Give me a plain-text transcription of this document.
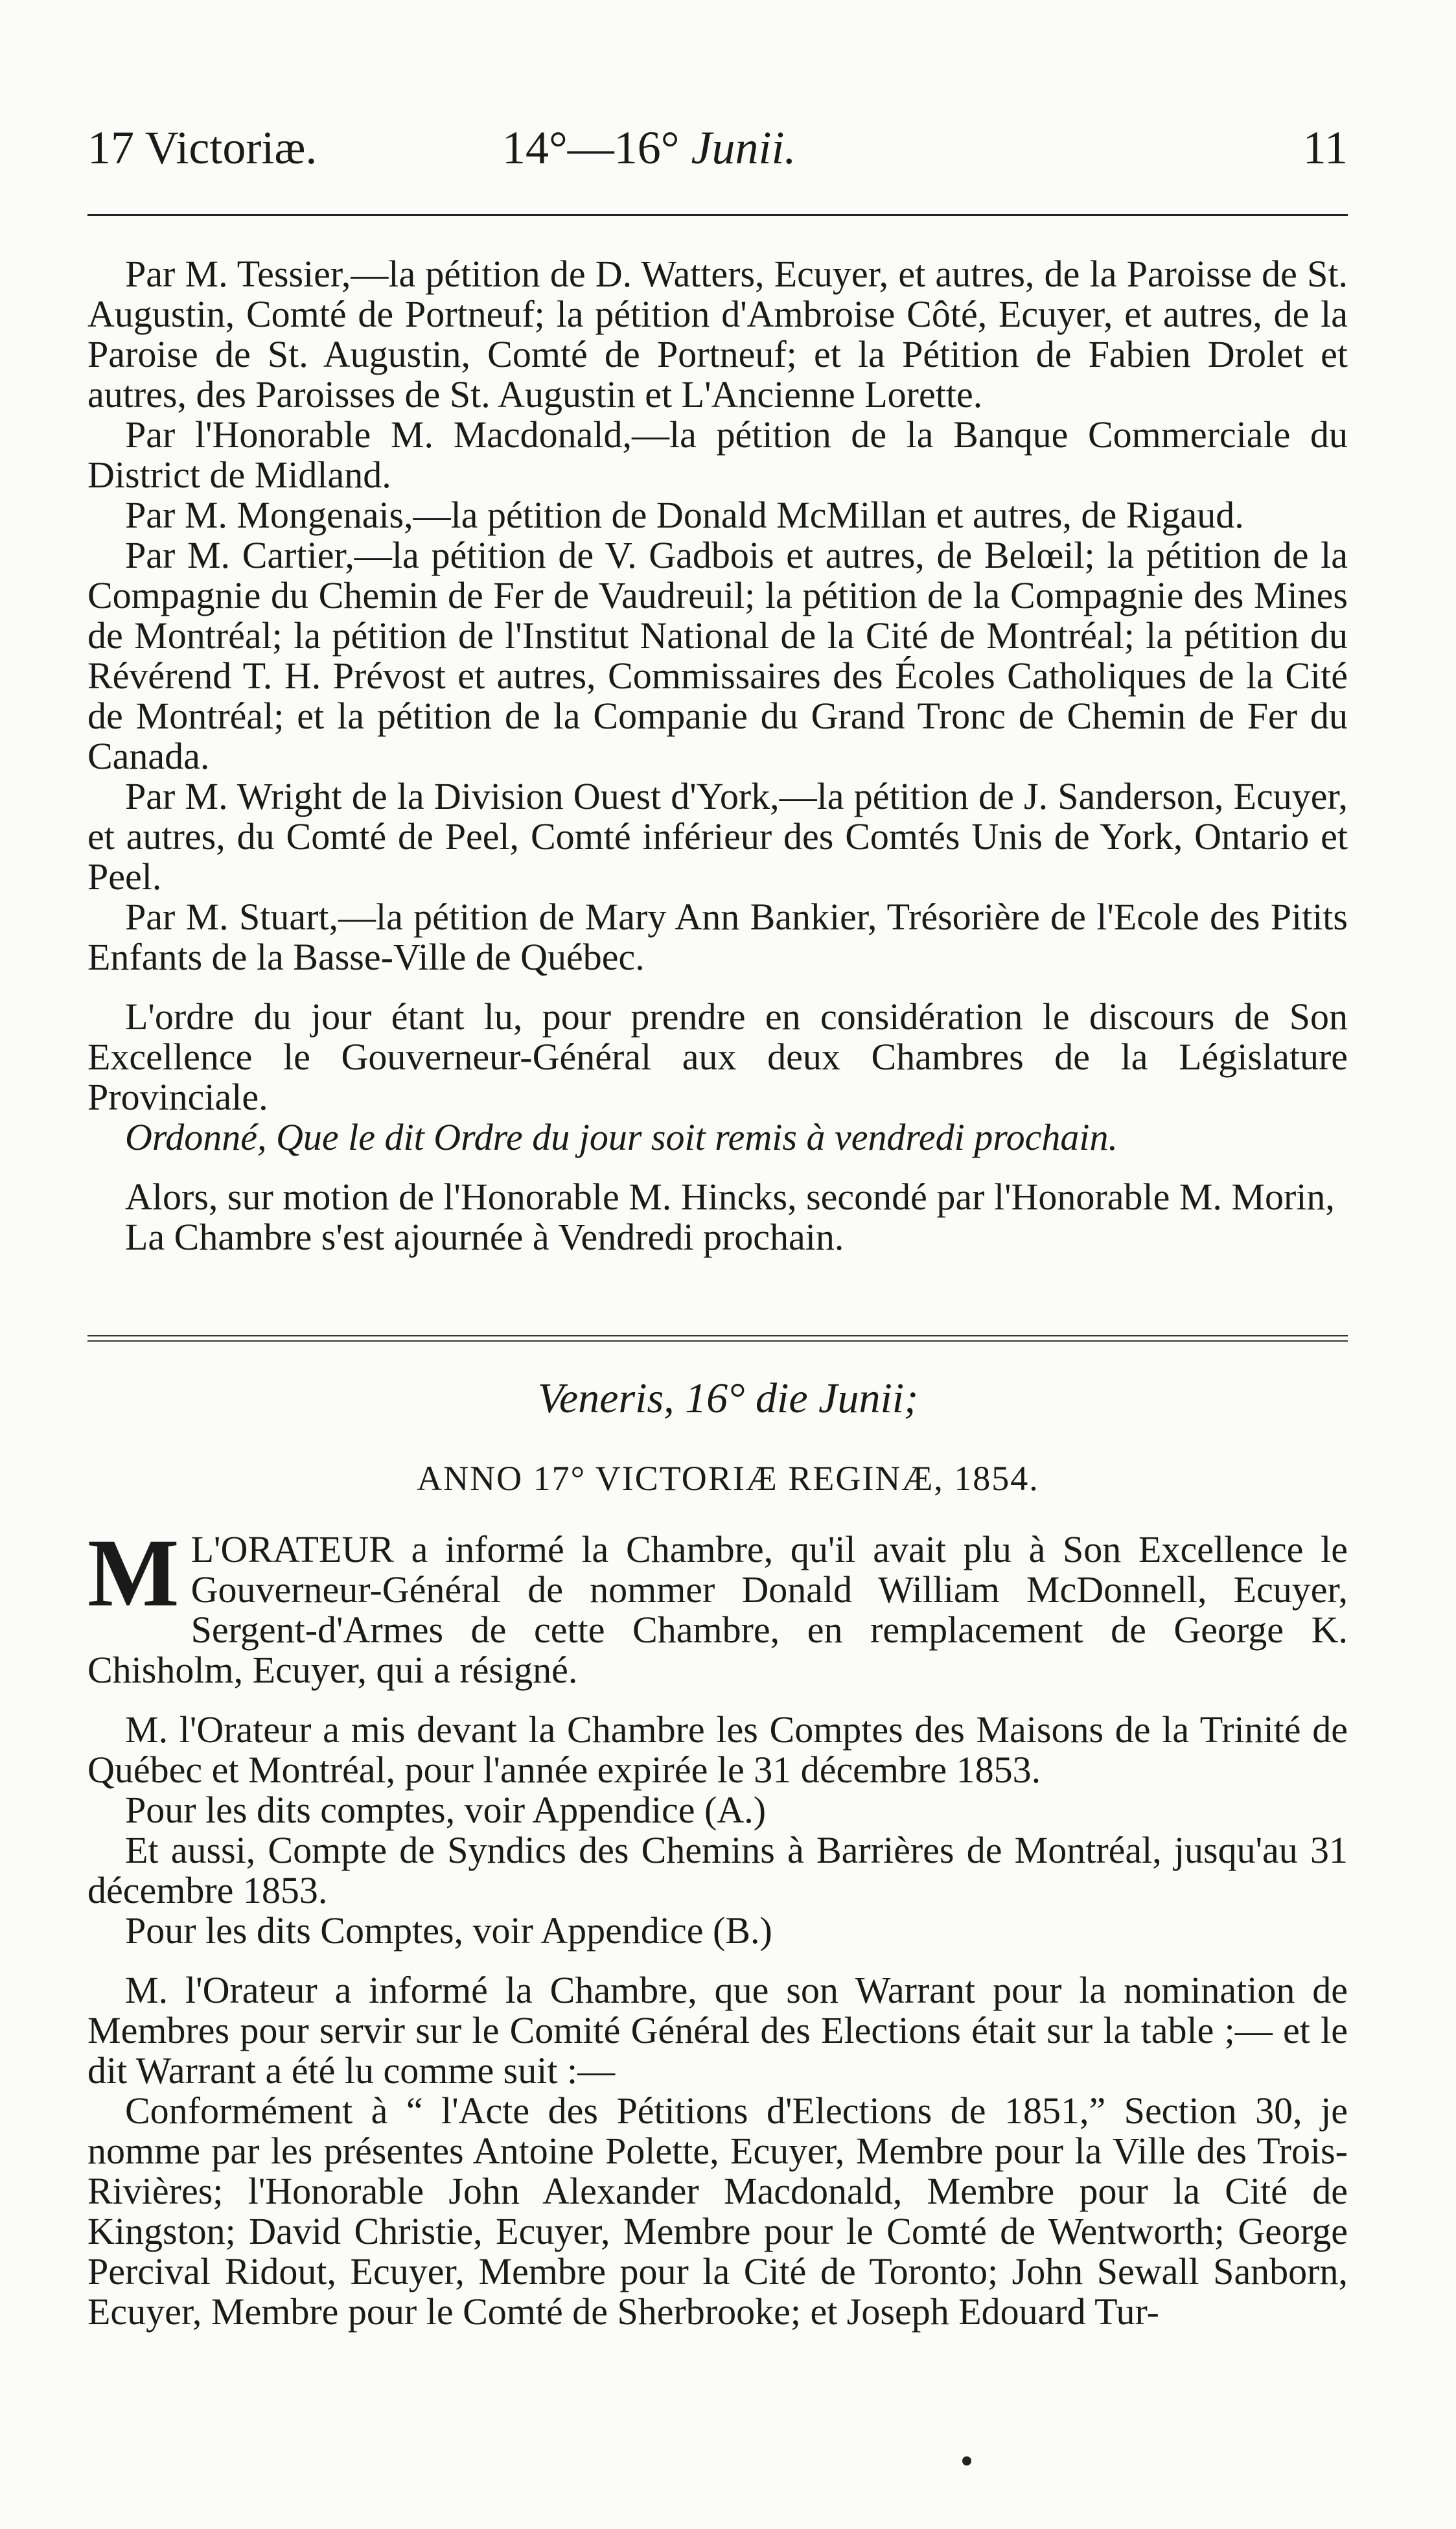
17 Victoriæ.	14°—16° Junii.	11

Par M. Tessier,—la pétition de D. Watters, Ecuyer, et autres, de la Paroisse de St. Augustin, Comté de Portneuf; la pétition d'Ambroise Côté, Ecuyer, et autres, de la Paroise de St. Augustin, Comté de Portneuf; et la Pétition de Fabien Drolet et autres, des Paroisses de St. Augustin et L'Ancienne Lorette.

Par l'Honorable M. Macdonald,—la pétition de la Banque Commerciale du District de Midland.

Par M. Mongenais,—la pétition de Donald McMillan et autres, de Rigaud.

Par M. Cartier,—la pétition de V. Gadbois et autres, de Belœil; la pétition de la Compagnie du Chemin de Fer de Vaudreuil; la pétition de la Compagnie des Mines de Montréal; la pétition de l'Institut National de la Cité de Montréal; la pétition du Révérend T. H. Prévost et autres, Commissaires des Écoles Catholiques de la Cité de Montréal; et la pétition de la Companie du Grand Tronc de Chemin de Fer du Canada.

Par M. Wright de la Division Ouest d'York,—la pétition de J. Sanderson, Ecuyer, et autres, du Comté de Peel, Comté inférieur des Comtés Unis de York, Ontario et Peel.

Par M. Stuart,—la pétition de Mary Ann Bankier, Trésorière de l'Ecole des Pitits Enfants de la Basse-Ville de Québec.

L'ordre du jour étant lu, pour prendre en considération le discours de Son Excellence le Gouverneur-Général aux deux Chambres de la Législature Provinciale.

Ordonné, Que le dit Ordre du jour soit remis à vendredi prochain.

Alors, sur motion de l'Honorable M. Hincks, secondé par l'Honorable M. Morin,

La Chambre s'est ajournée à Vendredi prochain.

Veneris, 16° die Junii;
ANNO 17° VICTORIÆ REGINÆ, 1854.

M L'ORATEUR a informé la Chambre, qu'il avait plu à Son Excellence le Gouverneur-Général de nommer Donald William McDonnell, Ecuyer, Sergent-d'Armes de cette Chambre, en remplacement de George K. Chisholm, Ecuyer, qui a résigné.

M. l'Orateur a mis devant la Chambre les Comptes des Maisons de la Trinité de Québec et Montréal, pour l'année expirée le 31 décembre 1853.

Pour les dits comptes, voir Appendice (A.)

Et aussi, Compte de Syndics des Chemins à Barrières de Montréal, jusqu'au 31 décembre 1853.

Pour les dits Comptes, voir Appendice (B.)

M. l'Orateur a informé la Chambre, que son Warrant pour la nomination de Membres pour servir sur le Comité Général des Elections était sur la table ;— et le dit Warrant a été lu comme suit :—

Conformément à “ l'Acte des Pétitions d'Elections de 1851,” Section 30, je nomme par les présentes Antoine Polette, Ecuyer, Membre pour la Ville des Trois-Rivières; l'Honorable John Alexander Macdonald, Membre pour la Cité de Kingston; David Christie, Ecuyer, Membre pour le Comté de Wentworth; George Percival Ridout, Ecuyer, Membre pour la Cité de Toronto; John Sewall Sanborn, Ecuyer, Membre pour le Comté de Sherbrooke; et Joseph Edouard Tur-
